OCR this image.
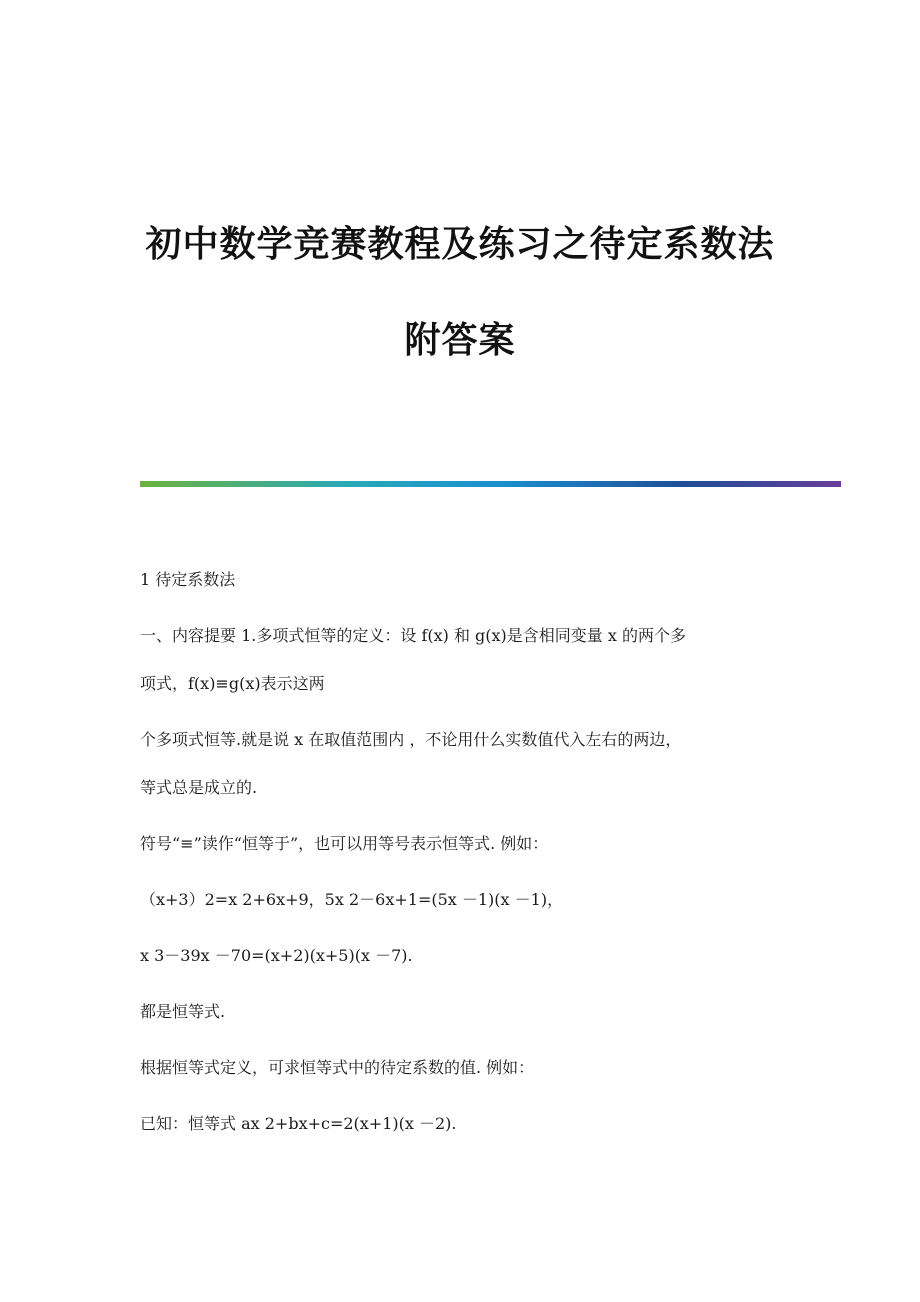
初中数学竞赛教程及练习之待定系数法
附答案
1 待定系数法
一、内容提要 1.多项式恒等的定义：设 f(x) 和 g(x)是含相同变量 x 的两个多
项式，f(x)≡g(x)表示这两
个多项式恒等.就是说 x 在取值范围内 ，不论用什么实数值代入左右的两边，
等式总是成立的.
符号“≡”读作“恒等于”，也可以用等号表示恒等式. 例如：
（x+3）2=x 2+6x+9，5x 2－6x+1=(5x －1)(x －1)，
x 3－39x －70=(x+2)(x+5)(x －7).
都是恒等式.
根据恒等式定义，可求恒等式中的待定系数的值. 例如：
已知：恒等式 ax 2+bx+c=2(x+1)(x －2).
